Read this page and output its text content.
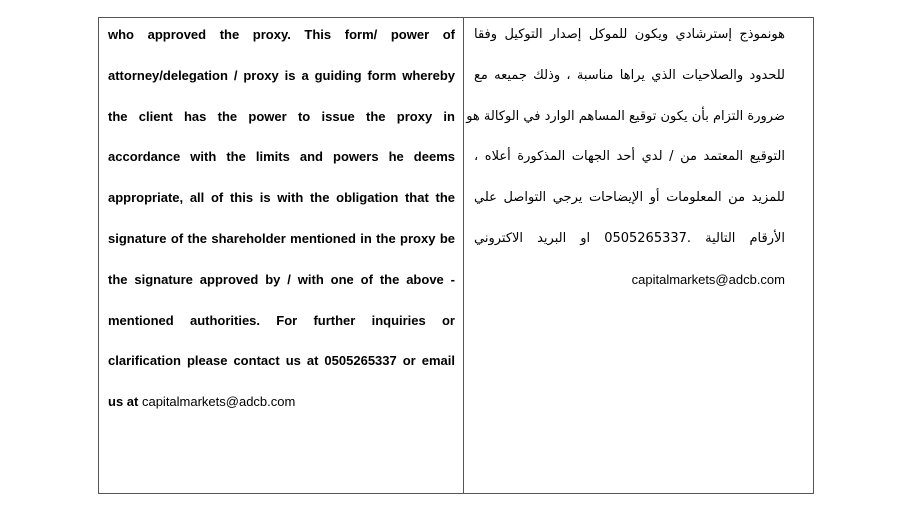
who approved the proxy. This form/ power of
attorney/delegation / proxy is a guiding form whereby
the client has the power to issue the proxy in
accordance with the limits and powers he deems
appropriate, all of this is with the obligation that the
signature of the shareholder mentioned in the proxy be
the signature approved by / with one of the above -
mentioned authorities. For further inquiries or
clarification please contact us at 0505265337 or email
us at capitalmarkets@adcb.com
هونموذج إسترشادي ويكون للموكل إصدار التوكيل وفقا
للحدود والصلاحيات الذي يراها مناسبة ، وذلك جميعه مع
ضرورة التزام بأن يكون توقيع المساهم الوارد في الوكالة هو
التوقيع المعتمد من / لدي أحد الجهات المذكورة أعلاه ،
للمزيد من المعلومات أو الإيضاحات يرجي التواصل علي
الأرقام التالية 0505265337. او البريد الاكتروني
capitalmarkets@adcb.com
